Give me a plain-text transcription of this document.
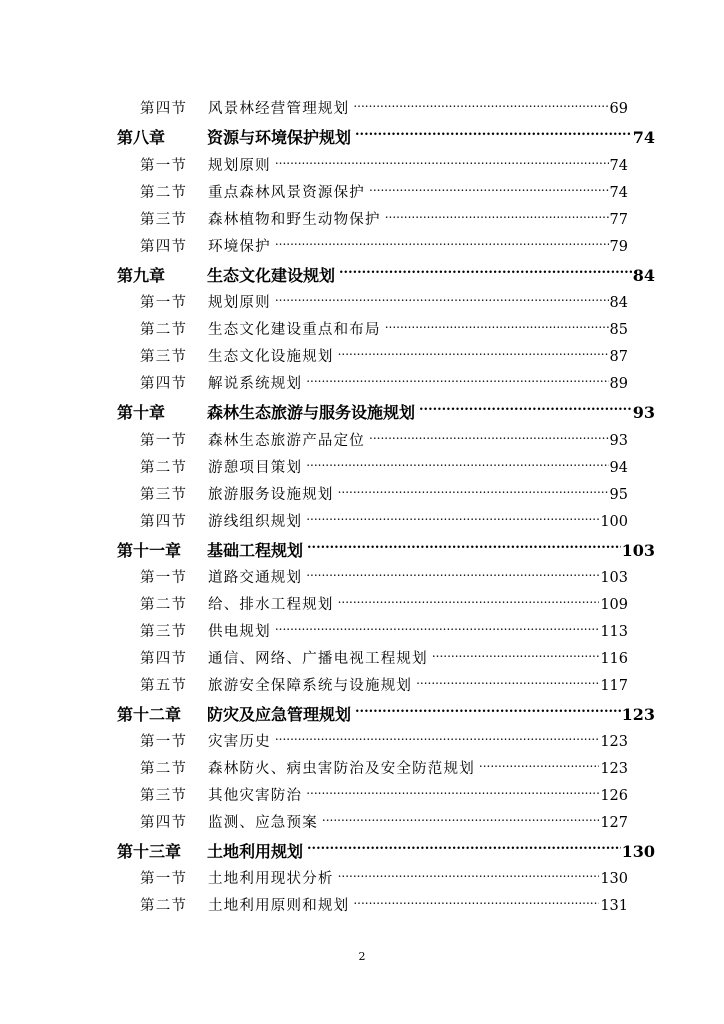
第四节	风景林经营管理规划 .....	69
第八章	资源与环境保护规划 .....	74
第一节	规划原则 .....	74
第二节	重点森林风景资源保护 .....	74
第三节	森林植物和野生动物保护 .....	77
第四节	环境保护 .....	79
第九章	生态文化建设规划 .....	84
第一节	规划原则 .....	84
第二节	生态文化建设重点和布局 .....	85
第三节	生态文化设施规划 .....	87
第四节	解说系统规划 .....	89
第十章	森林生态旅游与服务设施规划 .....	93
第一节	森林生态旅游产品定位 .....	93
第二节	游憩项目策划 .....	94
第三节	旅游服务设施规划 .....	95
第四节	游线组织规划 .....	100
第十一章	基础工程规划 .....	103
第一节	道路交通规划 .....	103
第二节	给、排水工程规划 .....	109
第三节	供电规划 .....	113
第四节	通信、网络、广播电视工程规划 .....	116
第五节	旅游安全保障系统与设施规划 .....	117
第十二章	防灾及应急管理规划 .....	123
第一节	灾害历史 .....	123
第二节	森林防火、病虫害防治及安全防范规划 .....	123
第三节	其他灾害防治 .....	126
第四节	监测、应急预案 .....	127
第十三章	土地利用规划 .....	130
第一节	土地利用现状分析 .....	130
第二节	土地利用原则和规划 .....	131
2
